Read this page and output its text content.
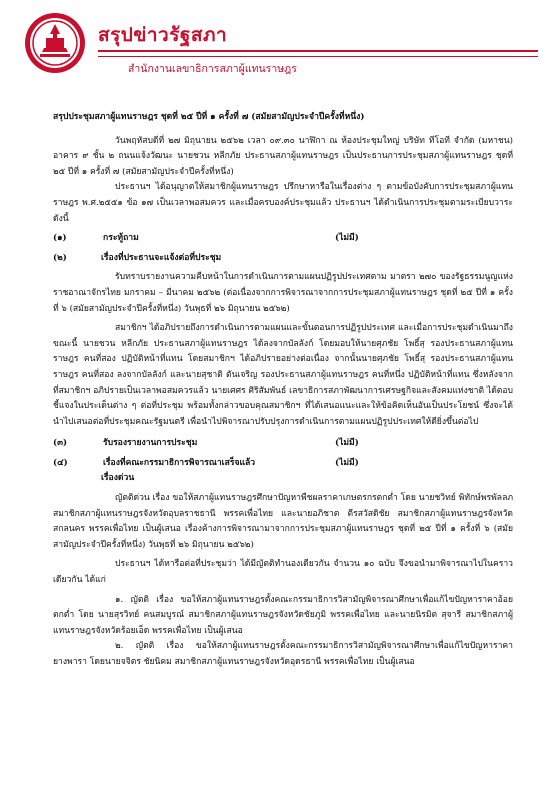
สรุปข่าวรัฐสภา
สำนักงานเลขาธิการสภาผู้แทนราษฎร

สรุปประชุมสภาผู้แทนราษฎร ชุดที่ ๒๕ ปีที่ ๑ ครั้งที่ ๗ (สมัยสามัญประจำปีครั้งที่หนึ่ง)

วันพฤหัสบดีที่ ๒๗ มิถุนายน ๒๕๖๒ เวลา ๐๙.๓๐ นาฬิกา ณ ห้องประชุมใหญ่ บริษัท ทีโอที จำกัด (มหาชน) อาคาร ๙ ชั้น ๒ ถนนแจ้งวัฒนะ นายชวน หลีกภัย ประธานสภาผู้แทนราษฎร เป็นประธานการประชุมสภาผู้แทนราษฎร ชุดที่ ๒๕ ปีที่ ๑ ครั้งที่ ๗ (สมัยสามัญประจำปีครั้งที่หนึ่ง)

ประธานฯ ได้อนุญาตให้สมาชิกผู้แทนราษฎร ปรึกษาหารือในเรื่องต่าง ๆ ตามข้อบังคับการประชุมสภาผู้แทนราษฎร พ.ศ.๒๕๕๑ ข้อ ๑๗ เป็นเวลาพอสมควร และเมื่อครบองค์ประชุมแล้ว ประธานฯ ได้ดำเนินการประชุมตามระเบียบวาระ ดังนี้

(๑)	กระทู้ถาม	(ไม่มี)
(๒)	เรื่องที่ประธานจะแจ้งต่อที่ประชุม

รับทราบรายงานความคืบหน้าในการดำเนินการตามแผนปฏิรูปประเทศตาม มาตรา ๒๗๐ ของรัฐธรรมนูญแห่งราชอาณาจักรไทย มกราคม – มีนาคม ๒๕๖๒ (ต่อเนื่องจากการพิจารณาจากการประชุมสภาผู้แทนราษฎร ชุดที่ ๒๕ ปีที่ ๑ ครั้งที่ ๖ (สมัยสามัญประจำปีครั้งที่หนึ่ง) วันพุธที่ ๒๖ มิถุนายน ๒๕๖๒)

สมาชิกฯ ได้อภิปรายถึงการดำเนินการตามแผนและขั้นตอนการปฏิรูปประเทศ และเมื่อการประชุมดำเนินมาถึงขณะนี้ นายชวน หลีกภัย ประธานสภาผู้แทนราษฎร ได้ลงจากบัลลังก์ โดยมอบให้นายศุภชัย โพธิ์สุ รองประธานสภาผู้แทนราษฎร คนที่สอง ปฏิบัติหน้าที่แทน โดยสมาชิกฯ ได้อภิปรายอย่างต่อเนื่อง จากนั้นนายศุภชัย โพธิ์สุ รองประธานสภาผู้แทนราษฎร คนที่สอง ลงจากบัลลังก์ และนายสุชาติ ตันเจริญ รองประธานสภาผู้แทนราษฎร คนที่หนึ่ง ปฏิบัติหน้าที่แทน ซึ่งหลังจากที่สมาชิกฯ อภิปรายเป็นเวลาพอสมควรแล้ว นายเศศร ศิริสัมพันธ์ เลขาธิการสภาพัฒนาการเศรษฐกิจและสังคมแห่งชาติ ได้ตอบชี้แจงในประเด็นต่าง ๆ ต่อที่ประชุม พร้อมทั้งกล่าวขอบคุณสมาชิกฯ ที่ได้เสนอแนะและให้ข้อคิดเห็นอันเป็นประโยชน์ ซึ่งจะได้นำไปเสนอต่อที่ประชุมคณะรัฐมนตรี เพื่อนำไปพิจารณาปรับปรุงการดำเนินการตามแผนปฏิรูปประเทศให้ดียิ่งขึ้นต่อไป

(๓)	รับรองรายงานการประชุม	(ไม่มี)
(๔)	เรื่องที่คณะกรรมาธิการพิจารณาเสร็จแล้ว	(ไม่มี)
เรื่องด่วน

ญัตติด่วน เรื่อง ขอให้สภาผู้แทนราษฎรศึกษาปัญหาพืชผลราคาเกษตรกรตกต่ำ โดย นายชวิทย์ พิทักษ์พรพัลลภ สมาชิกสภาผู้แทนราษฎรจังหวัดอุบลราชธานี พรรคเพื่อไทย และนายอภิชาต ตีรสวัสดิชัย สมาชิกสภาผู้แทนราษฎรจังหวัดสกลนคร พรรคเพื่อไทย เป็นผู้เสนอ เรื่องค้างการพิจารณามาจากการประชุมสภาผู้แทนราษฎร ชุดที่ ๒๕ ปีที่ ๑ ครั้งที่ ๖ (สมัยสามัญประจำปีครั้งที่หนึ่ง) วันพุธที่ ๒๖ มิถุนายน ๒๕๖๒)

ประธานฯ ได้หารือต่อที่ประชุมว่า ได้มีญัตติทำนองเดียวกัน จำนวน ๑๐ ฉบับ จึงขอนำมาพิจารณาไปในคราวเดียวกัน ได้แก่

๑. ญัตติ เรื่อง ขอให้สภาผู้แทนราษฎรตั้งคณะกรรมาธิการวิสามัญพิจารณาศึกษาเพื่อแก้ไขปัญหาราคาอ้อยตกต่ำ โดย นายสุรวิทย์ คนสมบูรณ์ สมาชิกสภาผู้แทนราษฎรจังหวัดชัยภูมิ พรรคเพื่อไทย และนายนิรมิต สุจารี สมาชิกสภาผู้แทนราษฎรจังหวัดร้อยเอ็ด พรรคเพื่อไทย เป็นผู้เสนอ

๒. ญัตติ เรื่อง ขอให้สภาผู้แทนราษฎรตั้งคณะกรรมาธิการวิสามัญพิจารณาศึกษาเพื่อแก้ไขปัญหาราคายางพารา โดยนายจจิตร ชัยนิคม สมาชิกสภาผู้แทนราษฎรจังหวัดอุดรธานี พรรคเพื่อไทย เป็นผู้เสนอ
